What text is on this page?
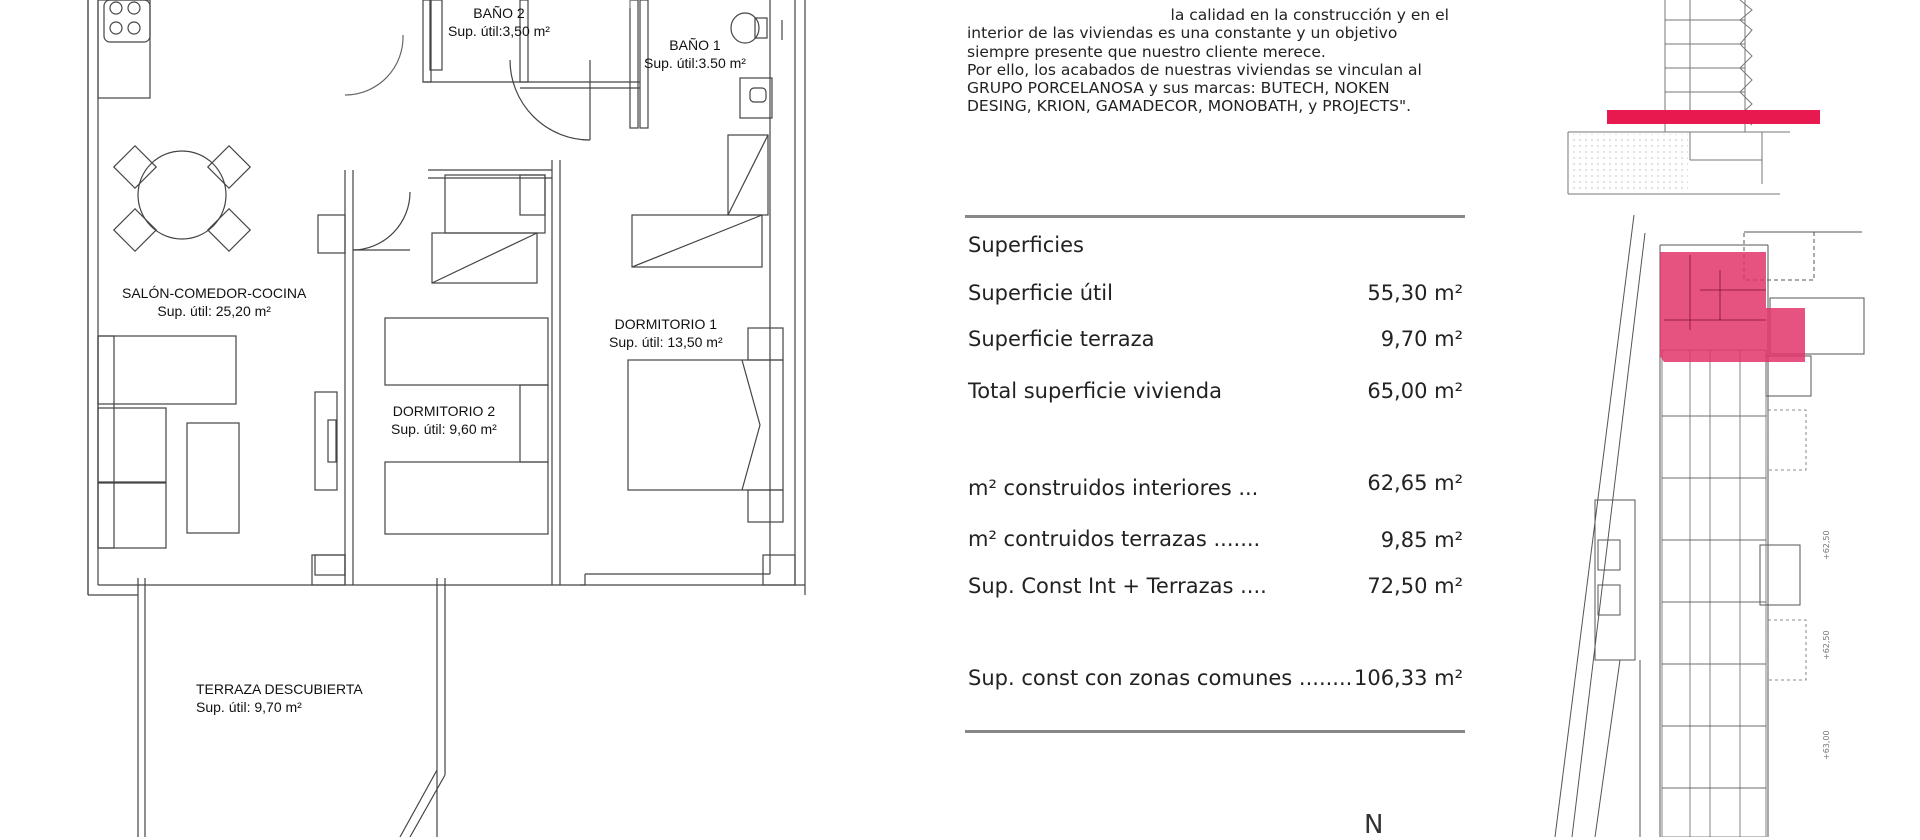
BAÑO 2
Sup. útil:3,50 m²
BAÑO 1
Sup. útil:3.50 m²
SALÓN-COMEDOR-COCINA
Sup. útil: 25,20 m²
DORMITORIO 1
Sup. útil: 13,50 m²
DORMITORIO 2
Sup. útil: 9,60 m²
TERRAZA DESCUBIERTA
Sup. útil: 9,70 m²

la calidad en la construcción y en el

interior de las viviendas es una constante y un objetivo

siempre presente que nuestro cliente merece.

Por ello, los acabados de nuestras viviendas se vinculan al

GRUPO PORCELANOSA y sus marcas: BUTECH, NOKEN

DESING, KRION, GAMADECOR, MONOBATH, y PROJECTS".

Superficies
Superficie útil	55,30 m²
Superficie terraza	9,70 m²
Total superficie vivienda	65,00 m²
m² construidos interiores ...	62,65 m²
m² contruidos terrazas .......	9,85 m²
Sup. Const Int + Terrazas ....	72,50 m²
Sup. const con zonas comunes ........ 106,33 m²
N
+62,50
+62,50
+63,00
